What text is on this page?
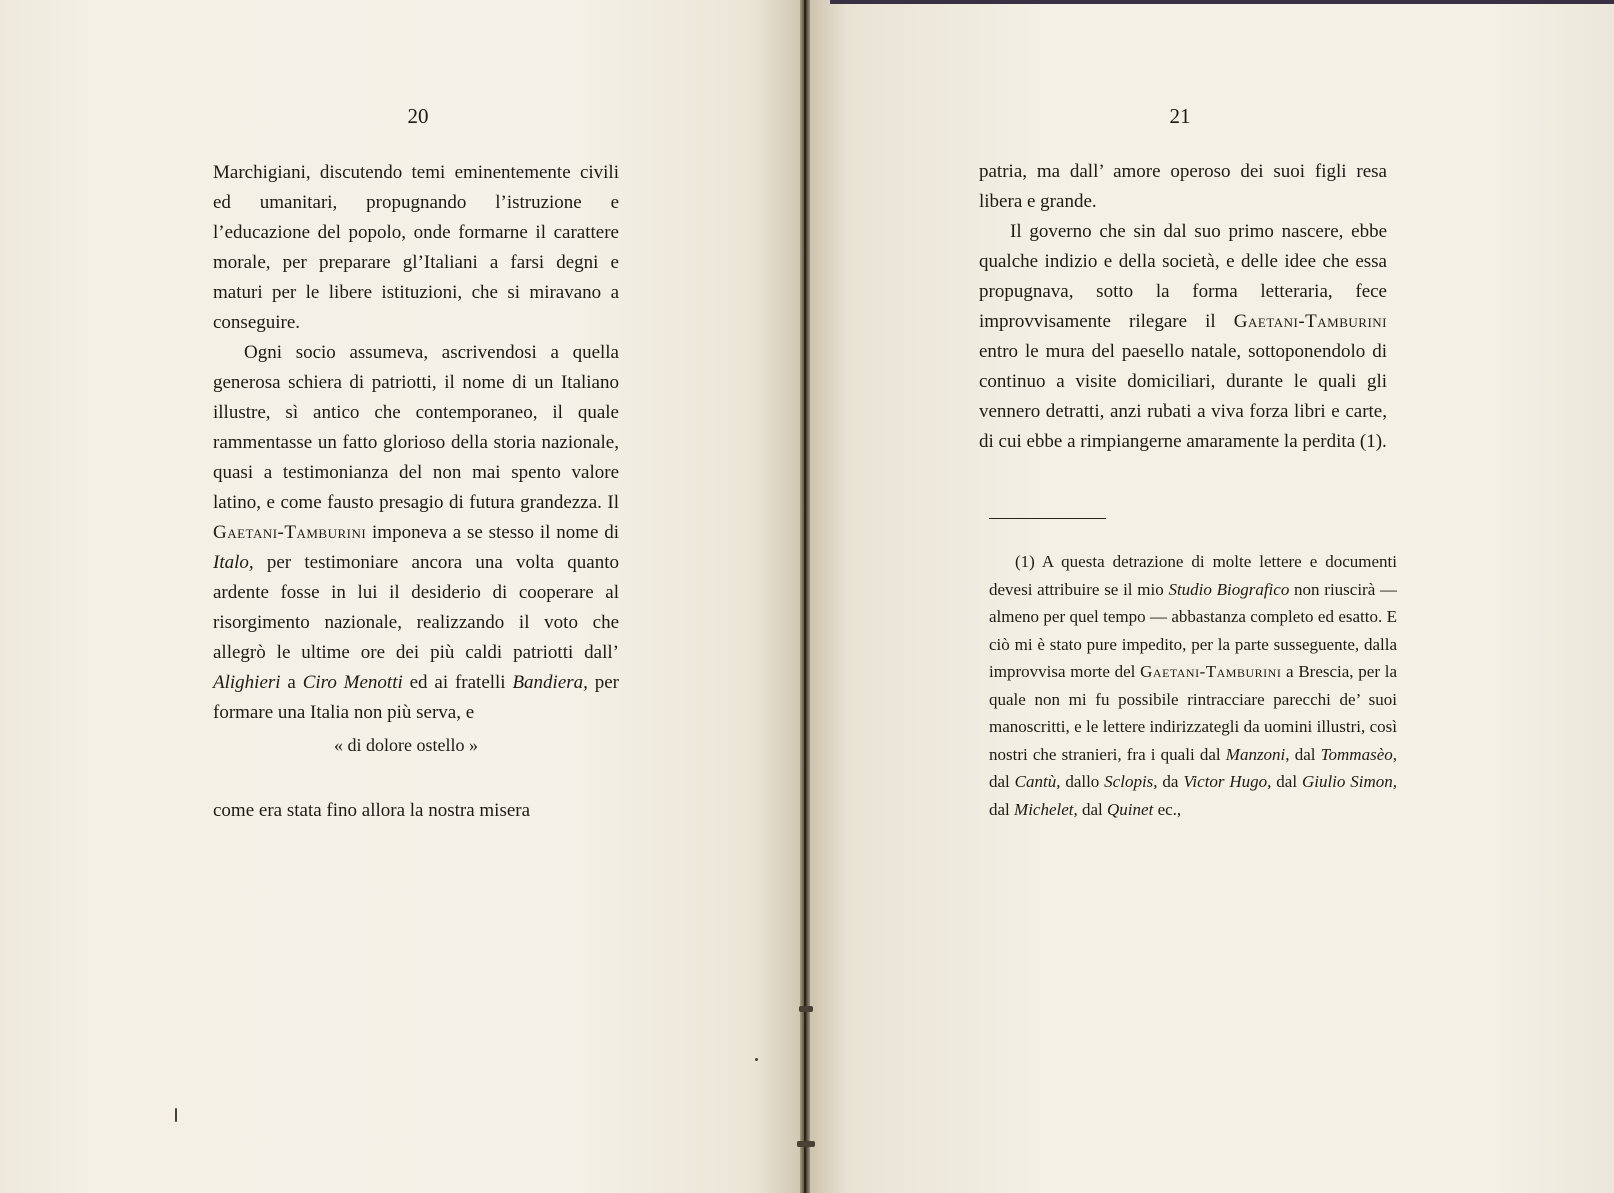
20

Marchigiani, discutendo temi eminentemente civili ed umanitari, propugnando l’istruzione e l’educazione del popolo, onde formarne il carattere morale, per preparare gl’Italiani a farsi degni e maturi per le libere istituzioni, che si miravano a conseguire.

Ogni socio assumeva, ascrivendosi a quella generosa schiera di patriotti, il nome di un Italiano illustre, sì antico che contemporaneo, il quale rammentasse un fatto glorioso della storia nazionale, quasi a testimonianza del non mai spento valore latino, e come fausto presagio di futura grandezza. Il Gaetani-Tamburini imponeva a se stesso il nome di Italo, per testimoniare ancora una volta quanto ardente fosse in lui il desiderio di cooperare al risorgimento nazionale, realizzando il voto che allegrò le ultime ore dei più caldi patriotti dall’ Alighieri a Ciro Menotti ed ai fratelli Bandiera, per formare una Italia non più serva, e

« di dolore ostello »

come era stata fino allora la nostra misera

21

patria, ma dall’ amore operoso dei suoi figli resa libera e grande.

Il governo che sin dal suo primo nascere, ebbe qualche indizio e della società, e delle idee che essa propugnava, sotto la forma letteraria, fece improvvisamente rilegare il Gaetani-Tamburini entro le mura del paesello natale, sottoponendolo di continuo a visite domiciliari, durante le quali gli vennero detratti, anzi rubati a viva forza libri e carte, di cui ebbe a rimpiangerne amaramente la perdita (1).

(1) A questa detrazione di molte lettere e documenti devesi attribuire se il mio Studio Biografico non riuscirà — almeno per quel tempo — abbastanza completo ed esatto. E ciò mi è stato pure impedito, per la parte susseguente, dalla improvvisa morte del Gaetani-Tamburini a Brescia, per la quale non mi fu possibile rintracciare parecchi de’ suoi manoscritti, e le lettere indirizzategli da uomini illustri, così nostri che stranieri, fra i quali dal Manzoni, dal Tommasèo, dal Cantù, dallo Sclopis, da Victor Hugo, dal Giulio Simon, dal Michelet, dal Quinet ec.,
